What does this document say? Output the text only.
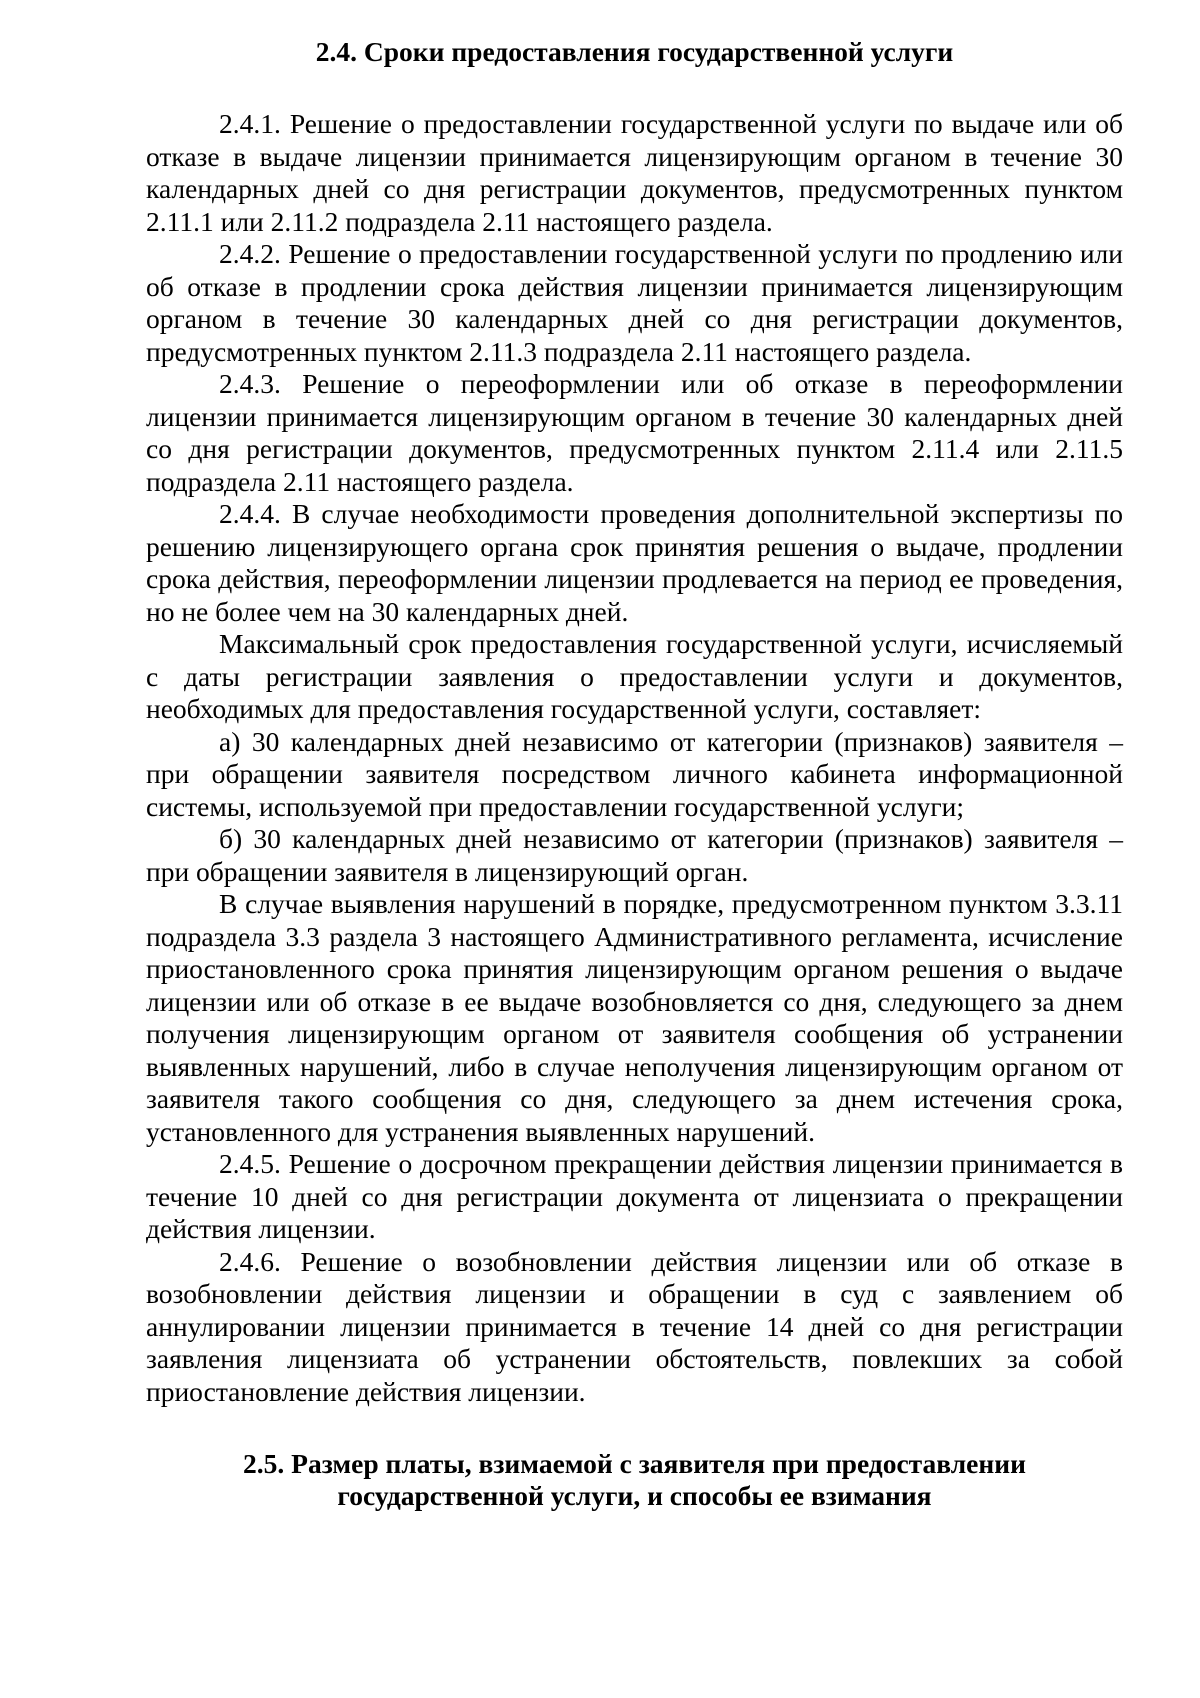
2.4. Сроки предоставления государственной услуги

2.4.1. Решение о предоставлении государственной услуги по выдаче или об отказе в выдаче лицензии принимается лицензирующим органом в течение 30 календарных дней со дня регистрации документов, предусмотренных пунктом 2.11.1 или 2.11.2 подраздела 2.11 настоящего раздела.

2.4.2. Решение о предоставлении государственной услуги по продлению или об отказе в продлении срока действия лицензии принимается лицензирующим органом в течение 30 календарных дней со дня регистрации документов, предусмотренных пунктом 2.11.3 подраздела 2.11 настоящего раздела.

2.4.3. Решение о переоформлении или об отказе в переоформлении лицензии принимается лицензирующим органом в течение 30 календарных дней со дня регистрации документов, предусмотренных пунктом 2.11.4 или 2.11.5 подраздела 2.11 настоящего раздела.

2.4.4. В случае необходимости проведения дополнительной экспертизы по решению лицензирующего органа срок принятия решения о выдаче, продлении срока действия, переоформлении лицензии продлевается на период ее проведения, но не более чем на 30 календарных дней.

Максимальный срок предоставления государственной услуги, исчисляемый с даты регистрации заявления о предоставлении услуги и документов, необходимых для предоставления государственной услуги, составляет:

а) 30 календарных дней независимо от категории (признаков) заявителя – при обращении заявителя посредством личного кабинета информационной системы, используемой при предоставлении государственной услуги;

б) 30 календарных дней независимо от категории (признаков) заявителя – при обращении заявителя в лицензирующий орган.

В случае выявления нарушений в порядке, предусмотренном пунктом 3.3.11 подраздела 3.3 раздела 3 настоящего Административного регламента, исчисление приостановленного срока принятия лицензирующим органом решения о выдаче лицензии или об отказе в ее выдаче возобновляется со дня, следующего за днем получения лицензирующим органом от заявителя сообщения об устранении выявленных нарушений, либо в случае неполучения лицензирующим органом от заявителя такого сообщения со дня, следующего за днем истечения срока, установленного для устранения выявленных нарушений.

2.4.5. Решение о досрочном прекращении действия лицензии принимается в течение 10 дней со дня регистрации документа от лицензиата о прекращении действия лицензии.

2.4.6. Решение о возобновлении действия лицензии или об отказе в возобновлении действия лицензии и обращении в суд с заявлением об аннулировании лицензии принимается в течение 14 дней со дня регистрации заявления лицензиата об устранении обстоятельств, повлекших за собой приостановление действия лицензии.

2.5. Размер платы, взимаемой с заявителя при предоставлении
государственной услуги, и способы ее взимания
